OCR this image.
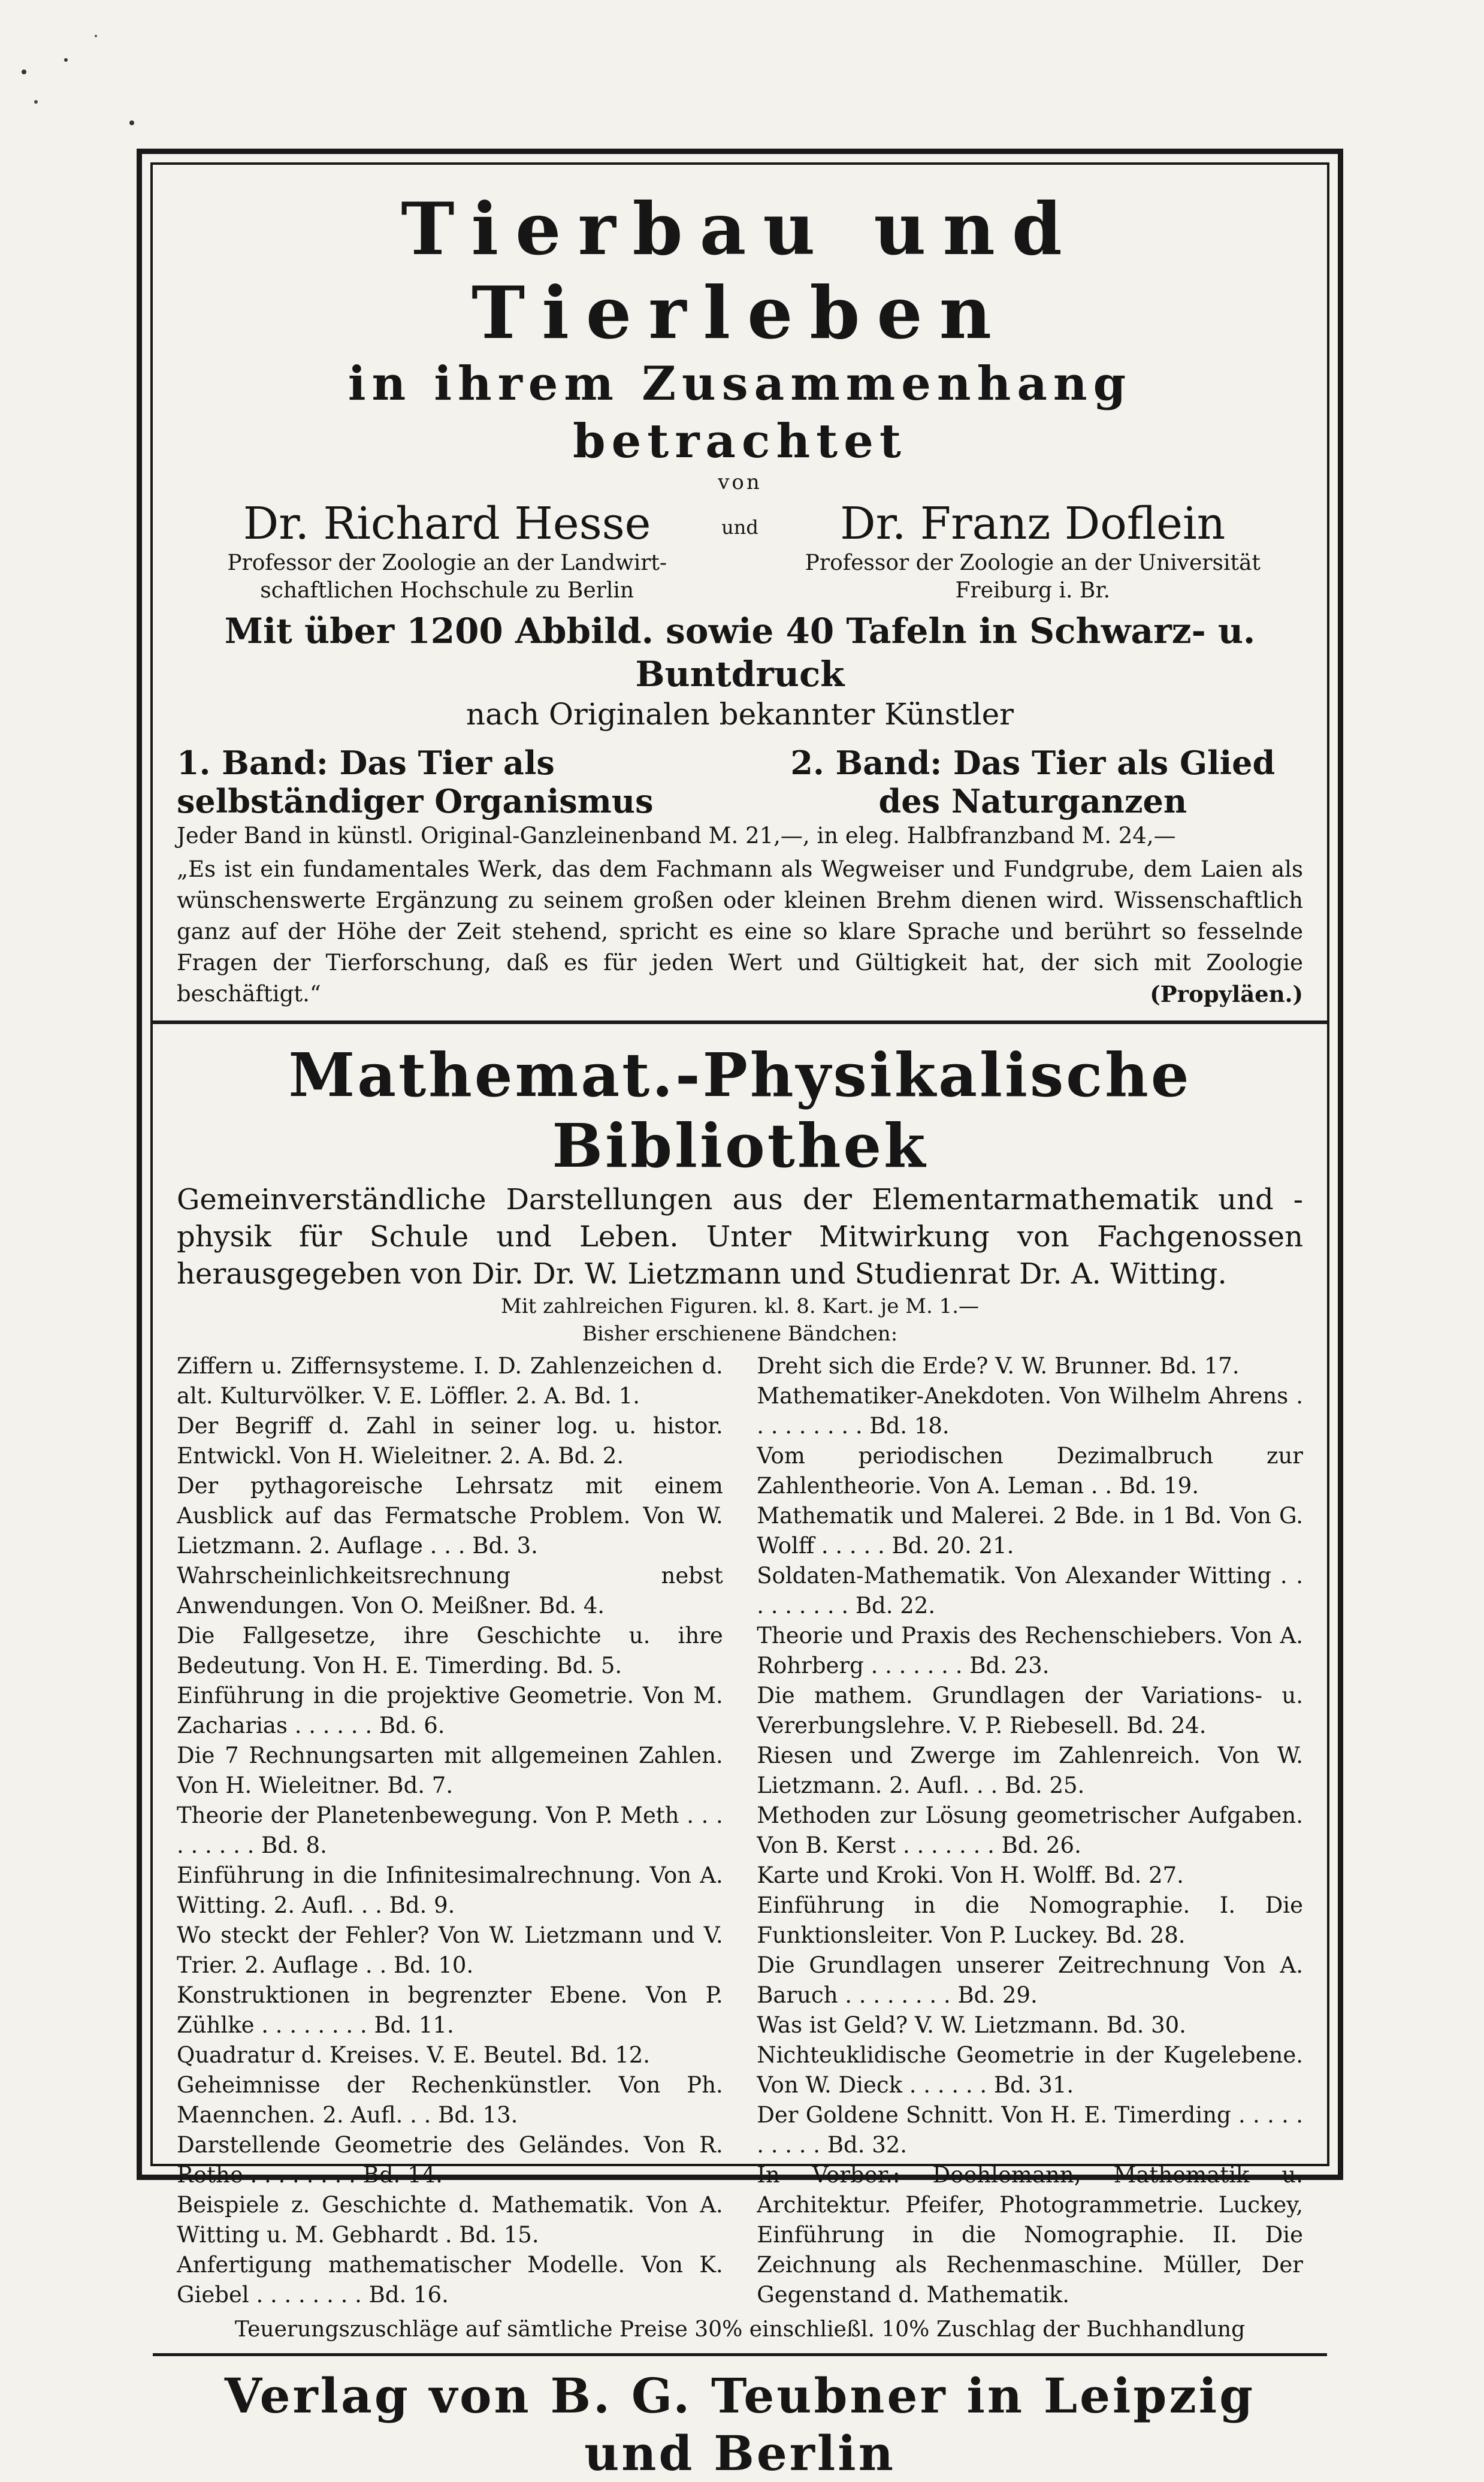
Tierbau und Tierleben
in ihrem Zusammenhang betrachtet
von
Dr. Richard Hesse
Professor der Zoologie an der Landwirt-schaftlichen Hochschule zu Berlin
und	Dr. Franz Doflein
Professor der Zoologie an der Universität Freiburg i. Br.
Mit über 1200 Abbild. sowie 40 Tafeln in Schwarz- u. Buntdruck
nach Originalen bekannter Künstler
1. Band: Das Tier als selbständiger Organismus
2. Band: Das Tier als Glied des Naturganzen
Jeder Band in künstl. Original-Ganzleinenband M. 21,—, in eleg. Halbfranzband M. 24,—
„Es ist ein fundamentales Werk, das dem Fachmann als Wegweiser und Fundgrube, dem Laien als wünschenswerte Ergänzung zu seinem großen oder kleinen Brehm dienen wird. Wissenschaftlich ganz auf der Höhe der Zeit stehend, spricht es eine so klare Sprache und berührt so fesselnde Fragen der Tierforschung, daß es für jeden Wert und Gültigkeit hat, der sich mit Zoologie beschäftigt.“	(Propyläen.)
Mathemat.-Physikalische Bibliothek
Gemeinverständliche Darstellungen aus der Elementarmathematik und -physik für Schule und Leben. Unter Mitwirkung von Fachgenossen herausgegeben von Dir. Dr. W. Lietzmann und Studienrat Dr. A. Witting.
Mit zahlreichen Figuren. kl. 8. Kart. je M. 1.—
Bisher erschienene Bändchen:
Ziffern u. Ziffernsysteme. I. D. Zahlenzeichen d. alt. Kulturvölker. V. E. Löffler. 2. A. Bd. 1.
Der Begriff d. Zahl in seiner log. u. histor. Entwickl. Von H. Wieleitner. 2. A. Bd. 2.
Der pythagoreische Lehrsatz mit einem Ausblick auf das Fermatsche Problem. Von W. Lietzmann. 2. Auflage . . . Bd. 3.
Wahrscheinlichkeitsrechnung nebst Anwendungen. Von O. Meißner. Bd. 4.
Die Fallgesetze, ihre Geschichte u. ihre Bedeutung. Von H. E. Timerding. Bd. 5.
Einführung in die projektive Geometrie. Von M. Zacharias . . . . . . Bd. 6.
Die 7 Rechnungsarten mit allgemeinen Zahlen. Von H. Wieleitner. Bd. 7.
Theorie der Planetenbewegung. Von P. Meth . . . . . . . . . Bd. 8.
Einführung in die Infinitesimalrechnung. Von A. Witting. 2. Aufl. . . Bd. 9.
Wo steckt der Fehler? Von W. Lietzmann und V. Trier. 2. Auflage . . Bd. 10.
Konstruktionen in begrenzter Ebene. Von P. Zühlke . . . . . . . . Bd. 11.
Quadratur d. Kreises. V. E. Beutel. Bd. 12.
Geheimnisse der Rechenkünstler. Von Ph. Maennchen. 2. Aufl. . . Bd. 13.
Darstellende Geometrie des Geländes. Von R. Rothe . . . . . . . . Bd. 14.
Beispiele z. Geschichte d. Mathematik. Von A. Witting u. M. Gebhardt . Bd. 15.
Anfertigung mathematischer Modelle. Von K. Giebel . . . . . . . . Bd. 16.
Dreht sich die Erde? V. W. Brunner. Bd. 17.
Mathematiker-Anekdoten. Von Wilhelm Ahrens . . . . . . . . . Bd. 18.
Vom periodischen Dezimalbruch zur Zahlentheorie. Von A. Leman . . Bd. 19.
Mathematik und Malerei. 2 Bde. in 1 Bd. Von G. Wolff . . . . . Bd. 20. 21.
Soldaten-Mathematik. Von Alexander Witting . . . . . . . . . Bd. 22.
Theorie und Praxis des Rechenschiebers. Von A. Rohrberg . . . . . . . Bd. 23.
Die mathem. Grundlagen der Variations- u. Vererbungslehre. V. P. Riebesell. Bd. 24.
Riesen und Zwerge im Zahlenreich. Von W. Lietzmann. 2. Aufl. . . Bd. 25.
Methoden zur Lösung geometrischer Aufgaben. Von B. Kerst . . . . . . . Bd. 26.
Karte und Kroki. Von H. Wolff. Bd. 27.
Einführung in die Nomographie. I. Die Funktionsleiter. Von P. Luckey. Bd. 28.
Die Grundlagen unserer Zeitrechnung Von A. Baruch . . . . . . . . Bd. 29.
Was ist Geld? V. W. Lietzmann. Bd. 30.
Nichteuklidische Geometrie in der Kugelebene. Von W. Dieck . . . . . . Bd. 31.
Der Goldene Schnitt. Von H. E. Timerding . . . . . . . . . . Bd. 32.
In Vorber.: Doehlemann, Mathematik u. Architektur. Pfeifer, Photogrammetrie. Luckey, Einführung in die Nomographie. II. Die Zeichnung als Rechenmaschine. Müller, Der Gegenstand d. Mathematik.
Teuerungszuschläge auf sämtliche Preise 30% einschließl. 10% Zuschlag der Buchhandlung
Verlag von B. G. Teubner in Leipzig und Berlin
